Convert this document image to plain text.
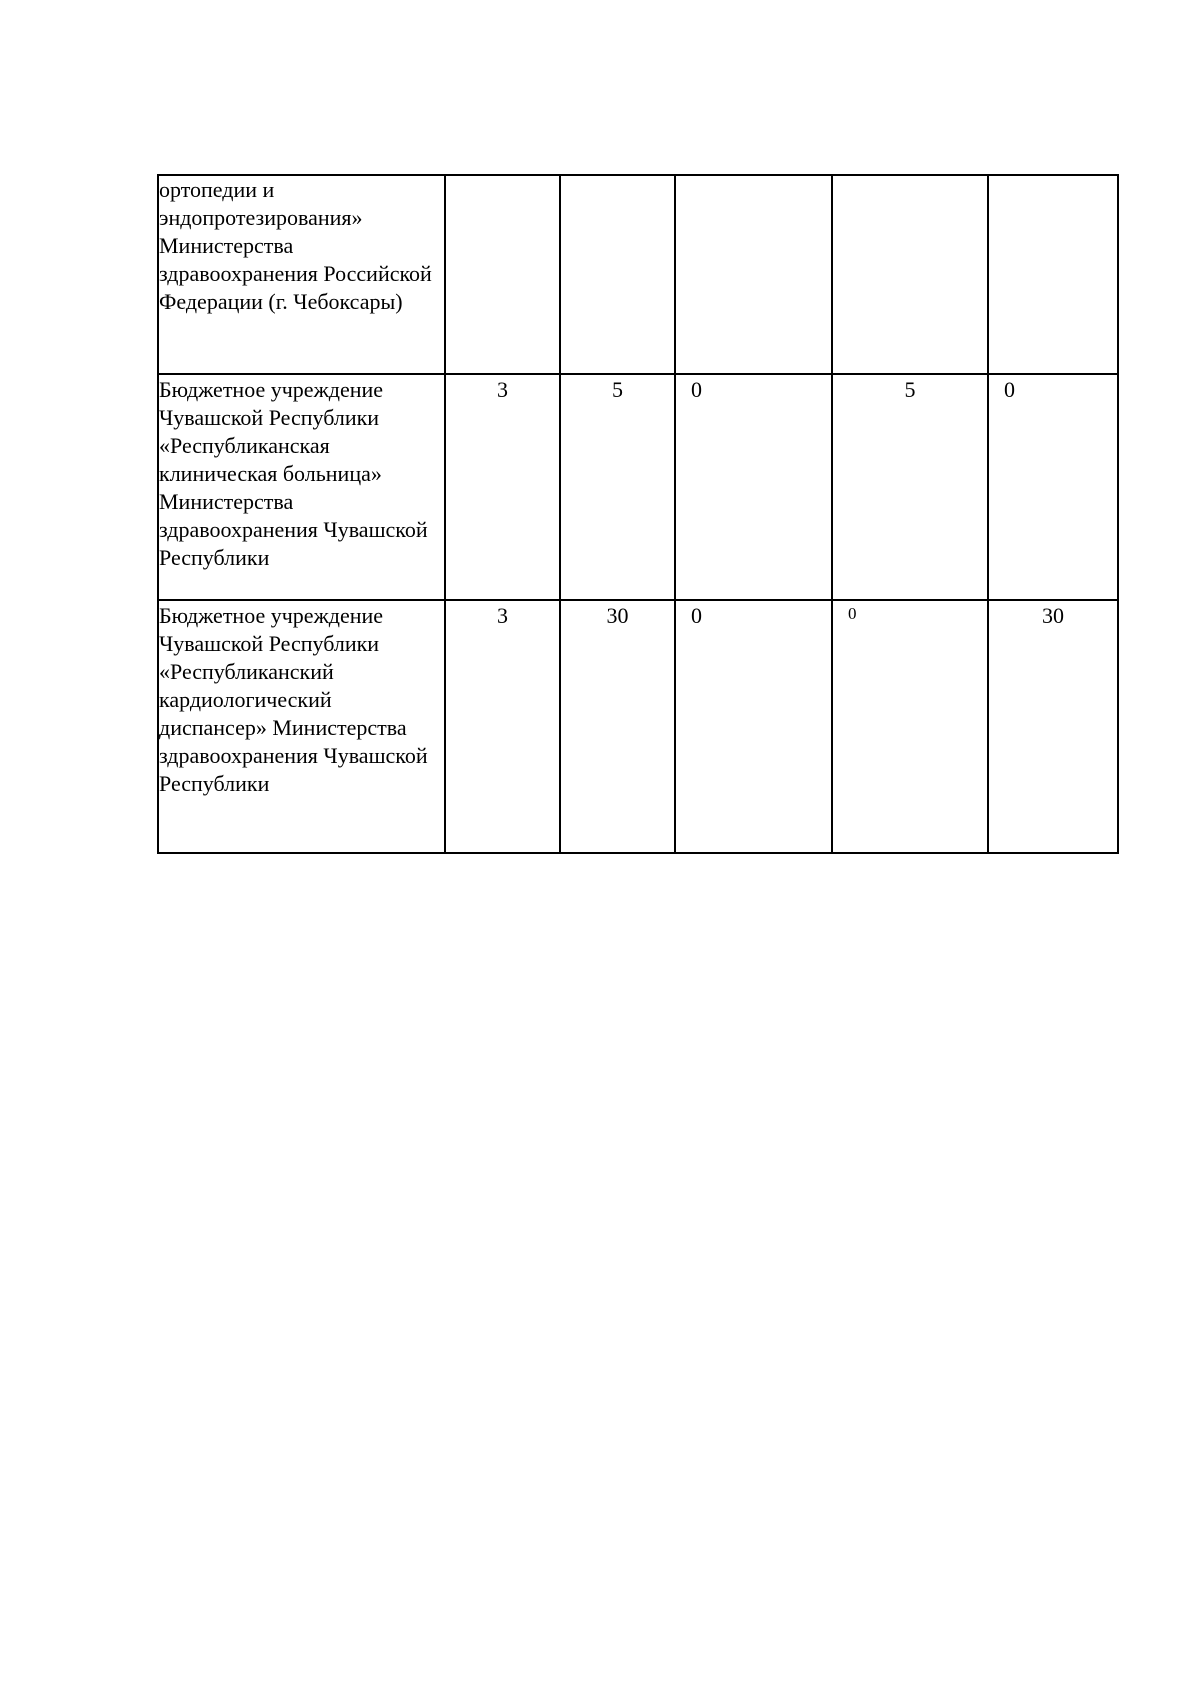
ортопедии и эндопротезирования» Министерства здравоохранения Российской Федерации (г. Чебоксары)					

Бюджетное учреждение Чувашской Республики «Республиканская клиническая больница» Министерства здравоохранения Чувашской Республики	3	5	0	5	0

Бюджетное учреждение Чувашской Республики «Республиканский кардиологический диспансер» Министерства здравоохранения Чувашской Республики	3	30	0	0	30
